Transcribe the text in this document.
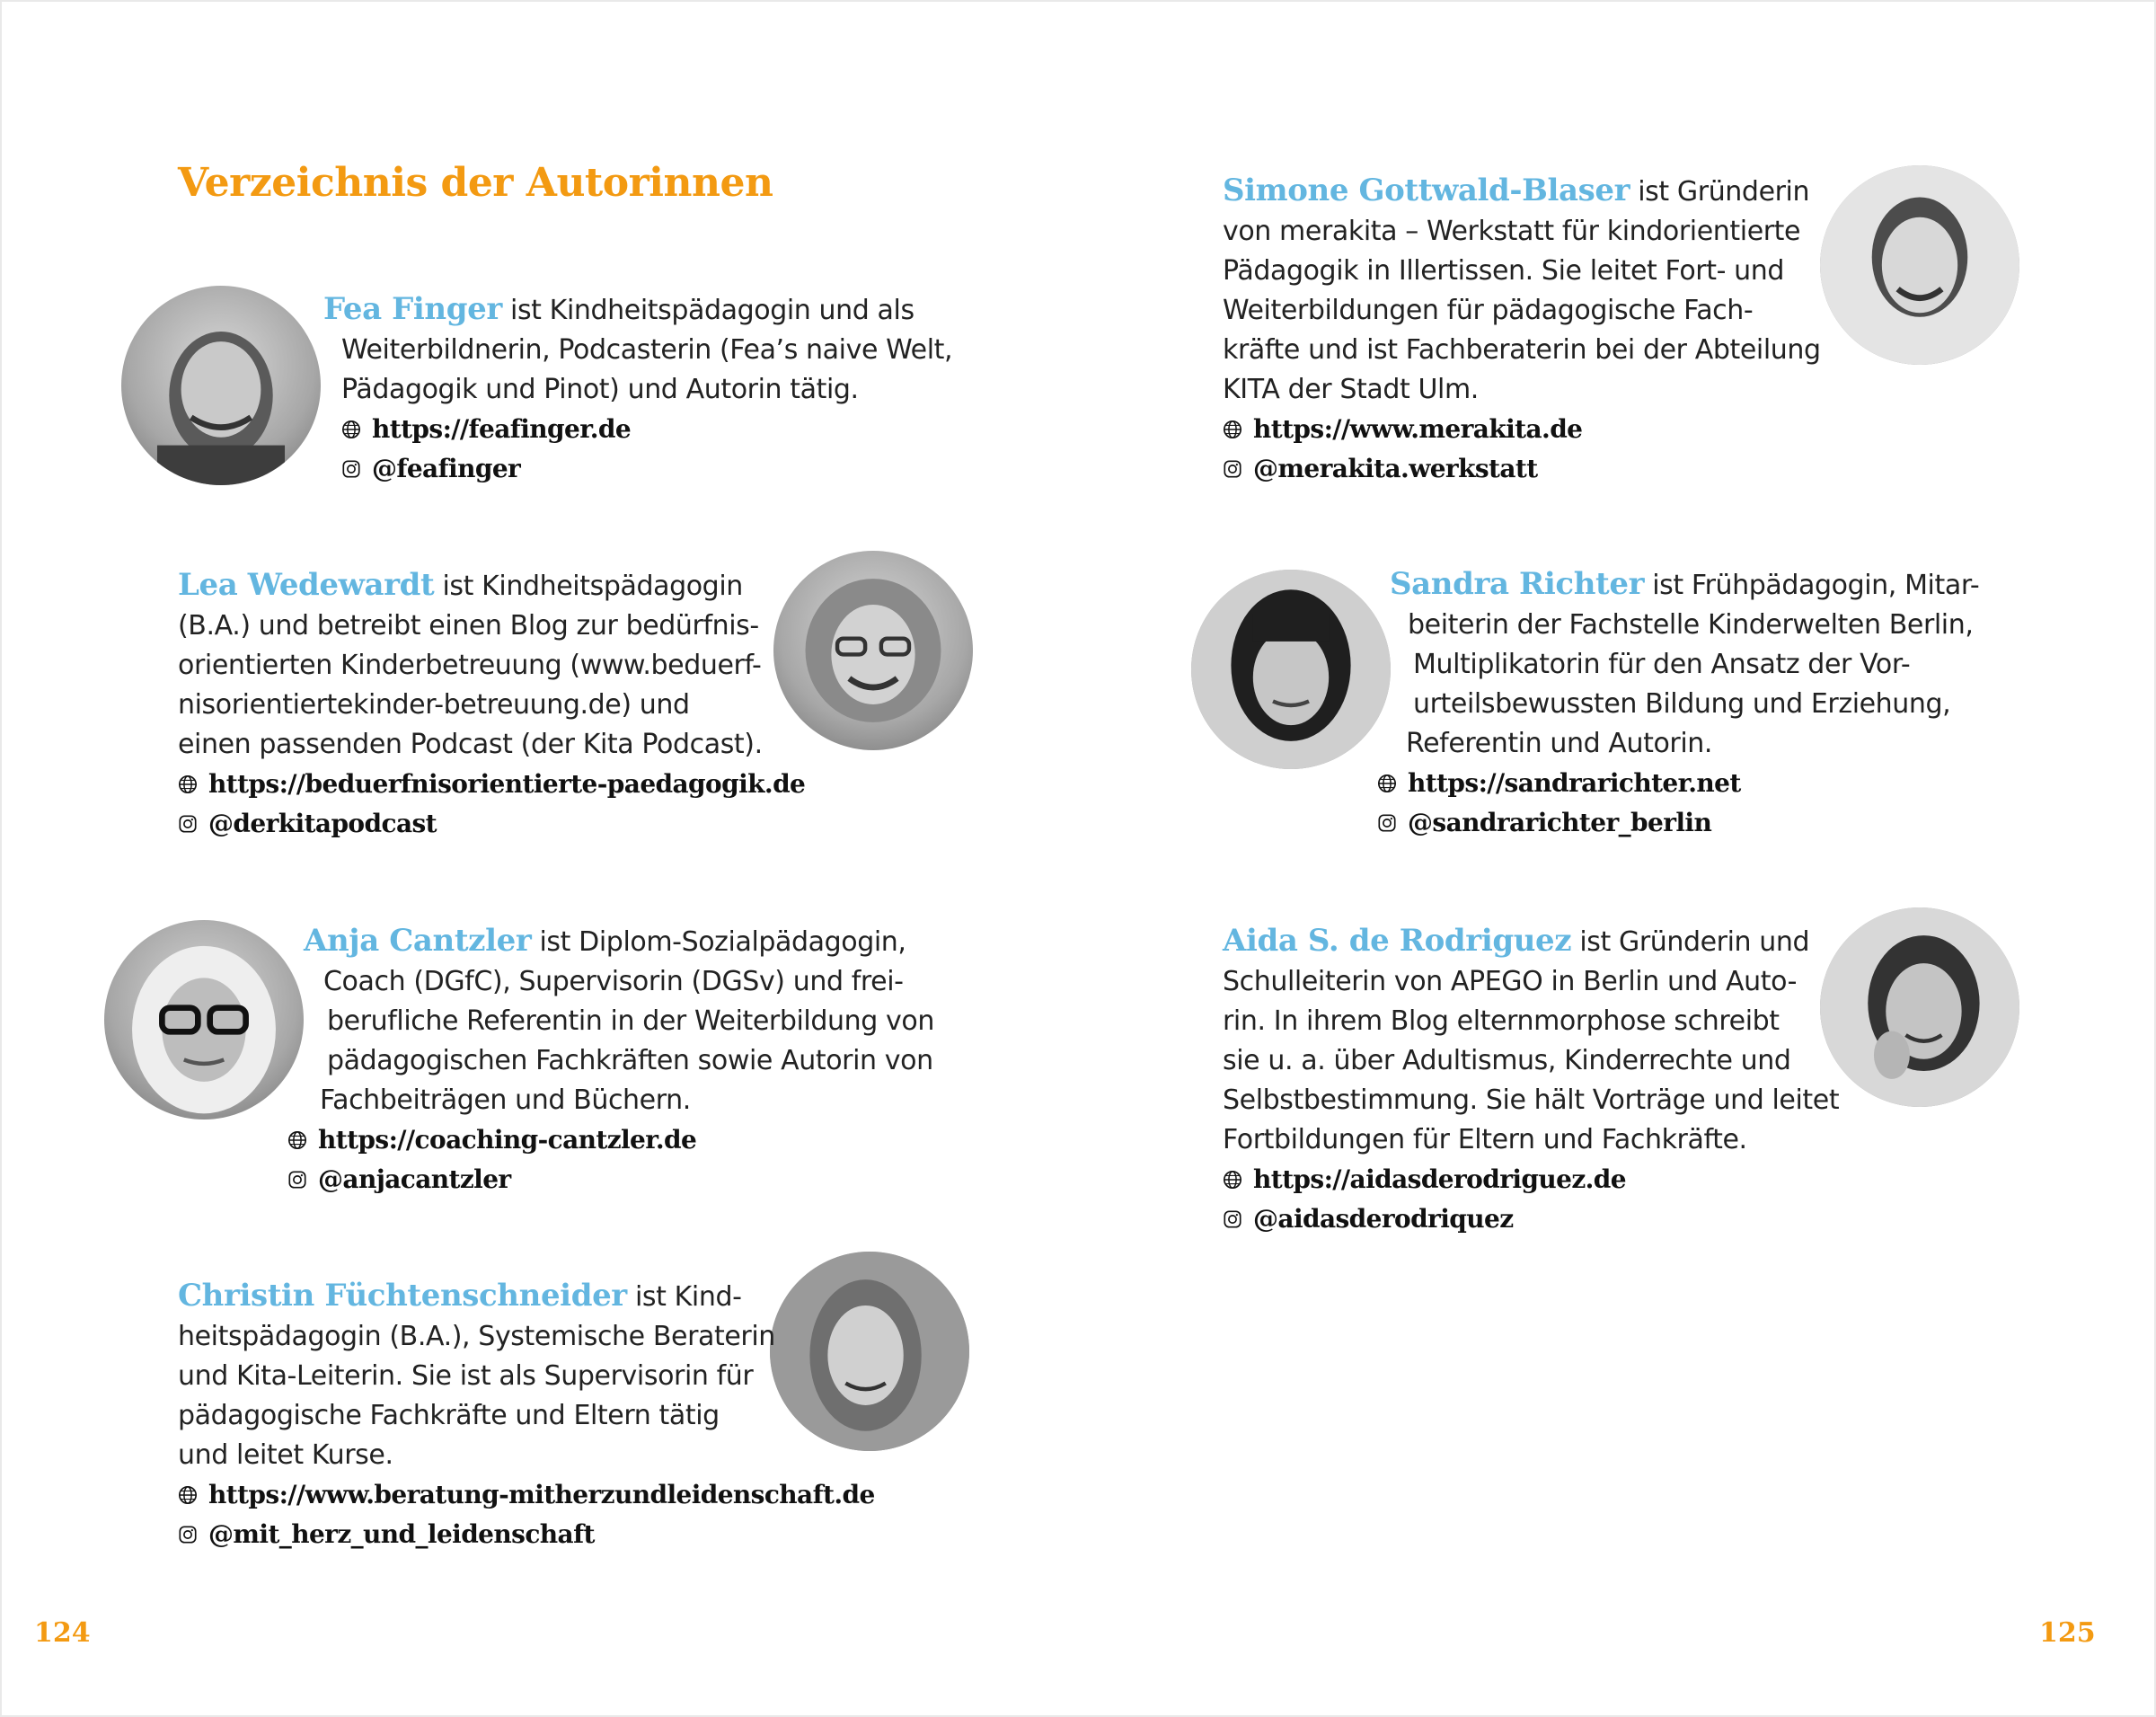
Verzeichnis der Autorinnen
Fea Finger ist Kindheitspädagogin und als
Weiterbildnerin, Podcasterin (Fea’s naive Welt,
Pädagogik und Pinot) und Autorin tätig.
https://feafinger.de
@feafinger
Lea Wedewardt ist Kindheitspädagogin
(B.A.) und betreibt einen Blog zur bedürfnis-
orientierten Kinderbetreuung (www.beduerf-
nisorientiertekinder-betreuung.de) und
einen passenden Podcast (der Kita Podcast).
https://beduerfnisorientierte-paedagogik.de
@derkitapodcast
Anja Cantzler ist Diplom-Sozialpädagogin,
Coach (DGfC), Supervisorin (DGSv) und frei-
berufliche Referentin in der Weiterbildung von
pädagogischen Fachkräften sowie Autorin von
Fachbeiträgen und Büchern.
https://coaching-cantzler.de
@anjacantzler
Christin Füchtenschneider ist Kind-
heitspädagogin (B.A.), Systemische Beraterin
und Kita-Leiterin. Sie ist als Supervisorin für
pädagogische Fachkräfte und Eltern tätig
und leitet Kurse.
https://www.beratung-mitherzundleidenschaft.de
@mit_herz_und_leidenschaft
Simone Gottwald-Blaser ist Gründerin
von merakita – Werkstatt für kindorientierte
Pädagogik in Illertissen. Sie leitet Fort- und
Weiterbildungen für pädagogische Fach-
kräfte und ist Fachberaterin bei der Abteilung
KITA der Stadt Ulm.
https://www.merakita.de
@merakita.werkstatt
Sandra Richter ist Frühpädagogin, Mitar-
beiterin der Fachstelle Kinderwelten Berlin,
Multiplikatorin für den Ansatz der Vor-
urteilsbewussten Bildung und Erziehung,
Referentin und Autorin.
https://sandrarichter.net
@sandrarichter_berlin
Aida S. de Rodriguez ist Gründerin und
Schulleiterin von APEGO in Berlin und Auto-
rin. In ihrem Blog elternmorphose schreibt
sie u. a. über Adultismus, Kinderrechte und
Selbstbestimmung. Sie hält Vorträge und leitet
Fortbildungen für Eltern und Fachkräfte.
https://aidasderodriguez.de
@aidasderodriquez
124	125
